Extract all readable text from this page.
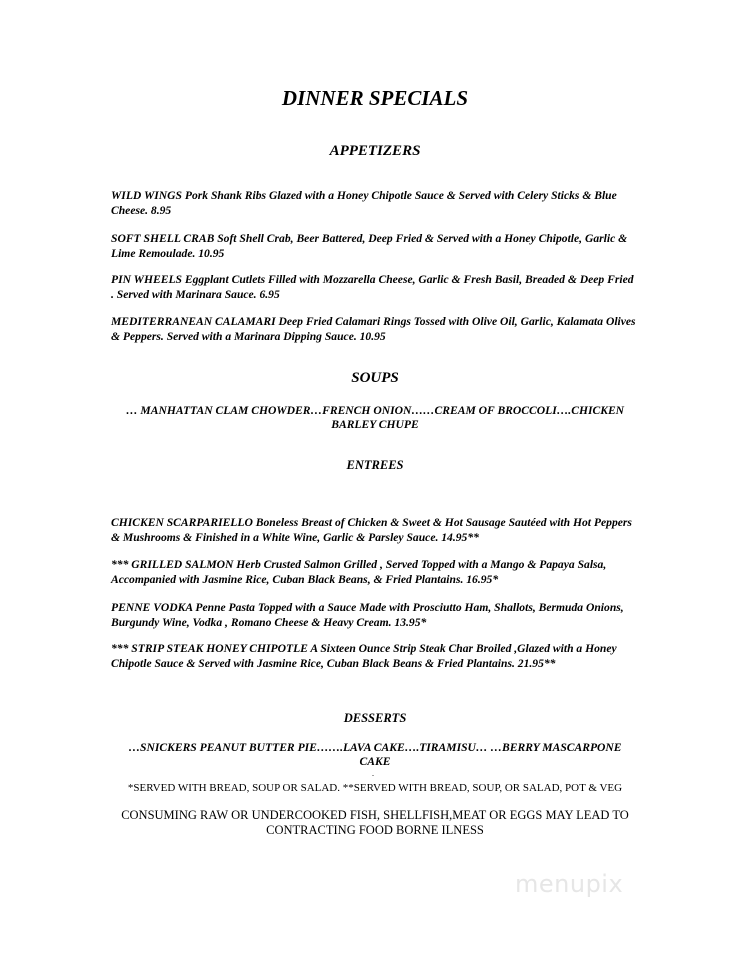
DINNER SPECIALS
APPETIZERS
WILD WINGS Pork Shank Ribs Glazed with a Honey Chipotle Sauce & Served with Celery Sticks & Blue Cheese. 8.95
SOFT SHELL CRAB Soft Shell Crab, Beer Battered, Deep Fried & Served with a Honey Chipotle, Garlic & Lime Remoulade. 10.95
PIN WHEELS Eggplant Cutlets Filled with Mozzarella Cheese, Garlic & Fresh Basil, Breaded & Deep Fried . Served with Marinara Sauce. 6.95
MEDITERRANEAN CALAMARI Deep Fried Calamari Rings Tossed with Olive Oil, Garlic, Kalamata Olives & Peppers. Served with a Marinara Dipping Sauce. 10.95
SOUPS
… MANHATTAN CLAM CHOWDER…FRENCH ONION……CREAM OF BROCCOLI….CHICKEN
BARLEY CHUPE
ENTREES
CHICKEN SCARPARIELLO Boneless Breast of Chicken & Sweet & Hot Sausage Sautéed with Hot Peppers & Mushrooms & Finished in a White Wine, Garlic & Parsley Sauce. 14.95**
*** GRILLED SALMON Herb Crusted Salmon Grilled , Served Topped with a Mango & Papaya Salsa, Accompanied with Jasmine Rice, Cuban Black Beans, & Fried Plantains. 16.95*
PENNE VODKA Penne Pasta Topped with a Sauce Made with Prosciutto Ham, Shallots, Bermuda Onions, Burgundy Wine, Vodka , Romano Cheese & Heavy Cream. 13.95*
*** STRIP STEAK HONEY CHIPOTLE A Sixteen Ounce Strip Steak Char Broiled ,Glazed with a Honey Chipotle Sauce & Served with Jasmine Rice, Cuban Black Beans & Fried Plantains. 21.95**
DESSERTS
…SNICKERS PEANUT BUTTER PIE…….LAVA CAKE….TIRAMISU… …BERRY MASCARPONE
CAKE
.
*SERVED WITH BREAD, SOUP OR SALAD. **SERVED WITH BREAD, SOUP, OR SALAD, POT & VEG
CONSUMING RAW OR UNDERCOOKED FISH, SHELLFISH,MEAT OR EGGS MAY LEAD TO
CONTRACTING FOOD BORNE ILNESS
menupix
